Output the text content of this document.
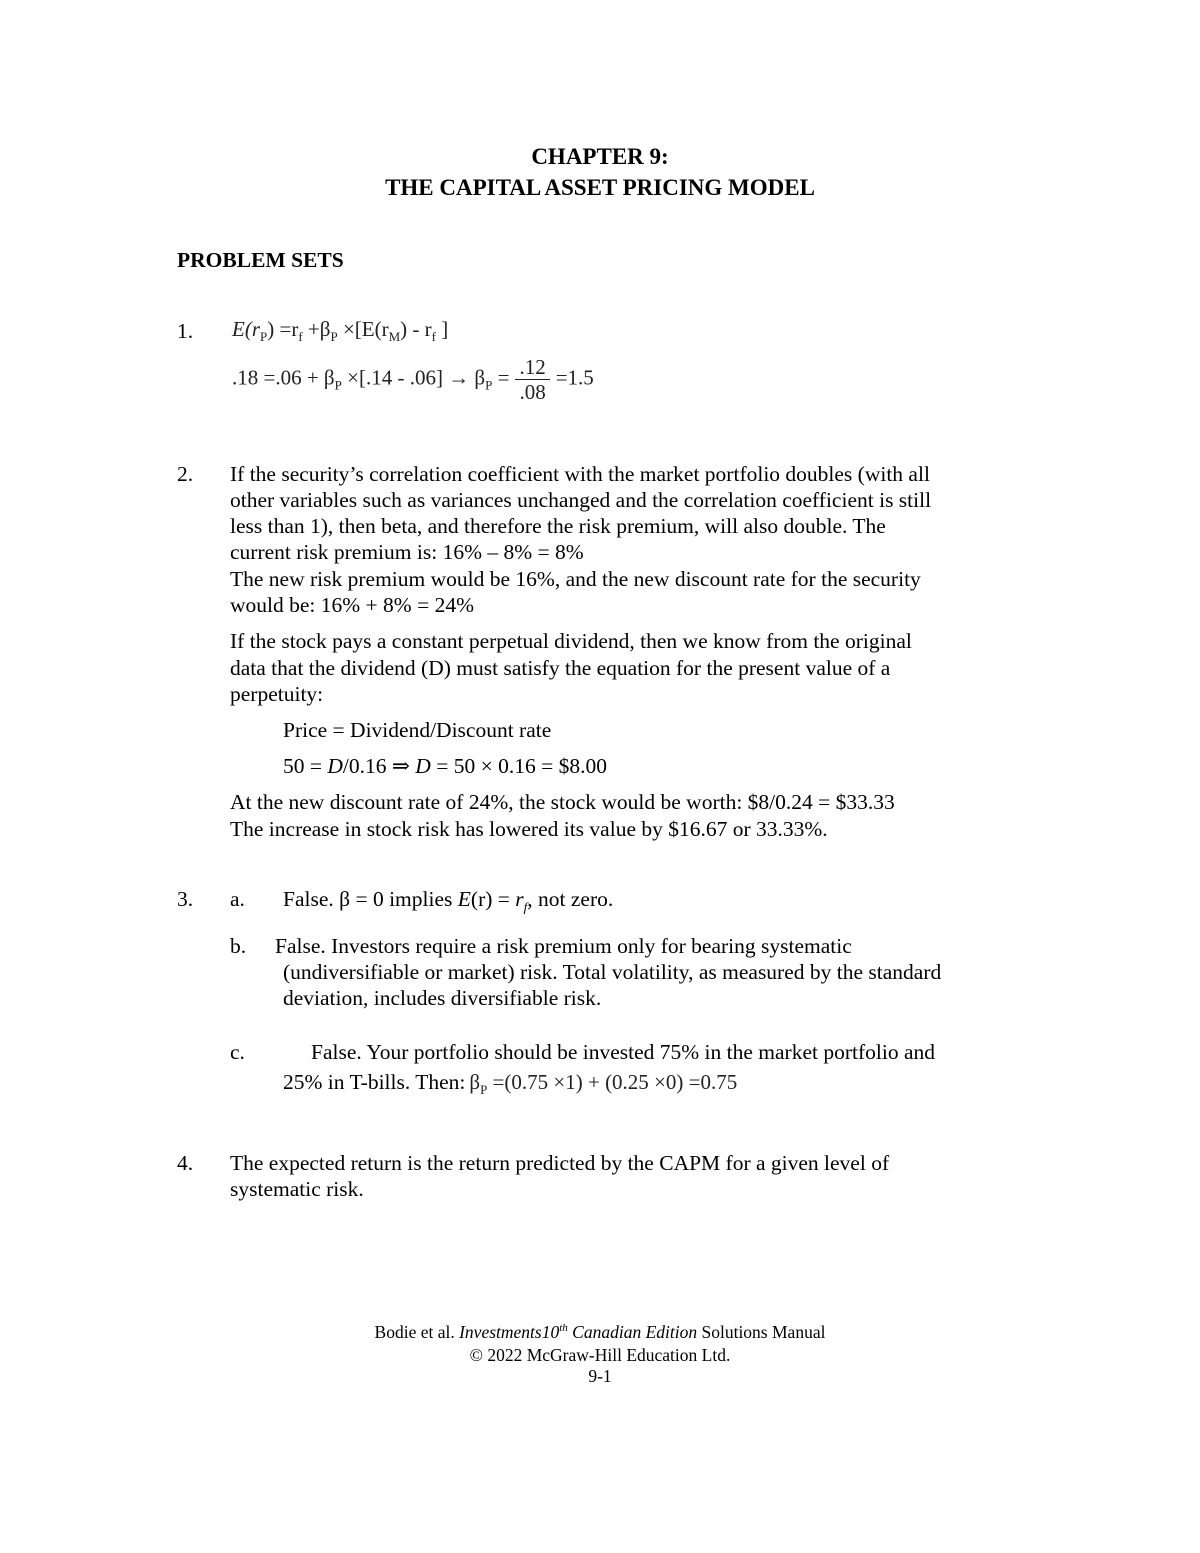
CHAPTER 9:
THE CAPITAL ASSET PRICING MODEL
PROBLEM SETS
1. $E(r_P) =r_f +\beta_P \times[E(r_M) - r_f$ ]
$.18 =.06 + \beta_P \times[.14 - .06] \to \beta_P = \frac{.12}{.08} =1.5$
2. If the security’s correlation coefficient with the market portfolio doubles (with all
other variables such as variances unchanged and the correlation coefficient is still
less than 1), then beta, and therefore the risk premium, will also double. The
current risk premium is: 16% – 8% = 8%
The new risk premium would be 16%, and the new discount rate for the security
would be: 16% + 8% = 24%
If the stock pays a constant perpetual dividend, then we know from the original
data that the dividend (D) must satisfy the equation for the present value of a
perpetuity:
Price = Dividend/Discount rate
50 = D/0.16 ⇒ D = 50 × 0.16 = $8.00
At the new discount rate of 24%, the stock would be worth: $8/0.24 = $33.33
The increase in stock risk has lowered its value by $16.67 or 33.33%.
3. a. False. β = 0 implies $E(r) = r_f$, not zero.
b. False. Investors require a risk premium only for bearing systematic
(undiversifiable or market) risk. Total volatility, as measured by the standard
deviation, includes diversifiable risk.
c.	False. Your portfolio should be invested 75% in the market portfolio and
25% in T-bills. Then: $\beta_P =(0.75 \times 1) + (0.25 \times 0) =0.75$
4. The expected return is the return predicted by the CAPM for a given level of
systematic risk.
Bodie et al. Investments10th Canadian Edition Solutions Manual
© 2022 McGraw-Hill Education Ltd.
9-1
